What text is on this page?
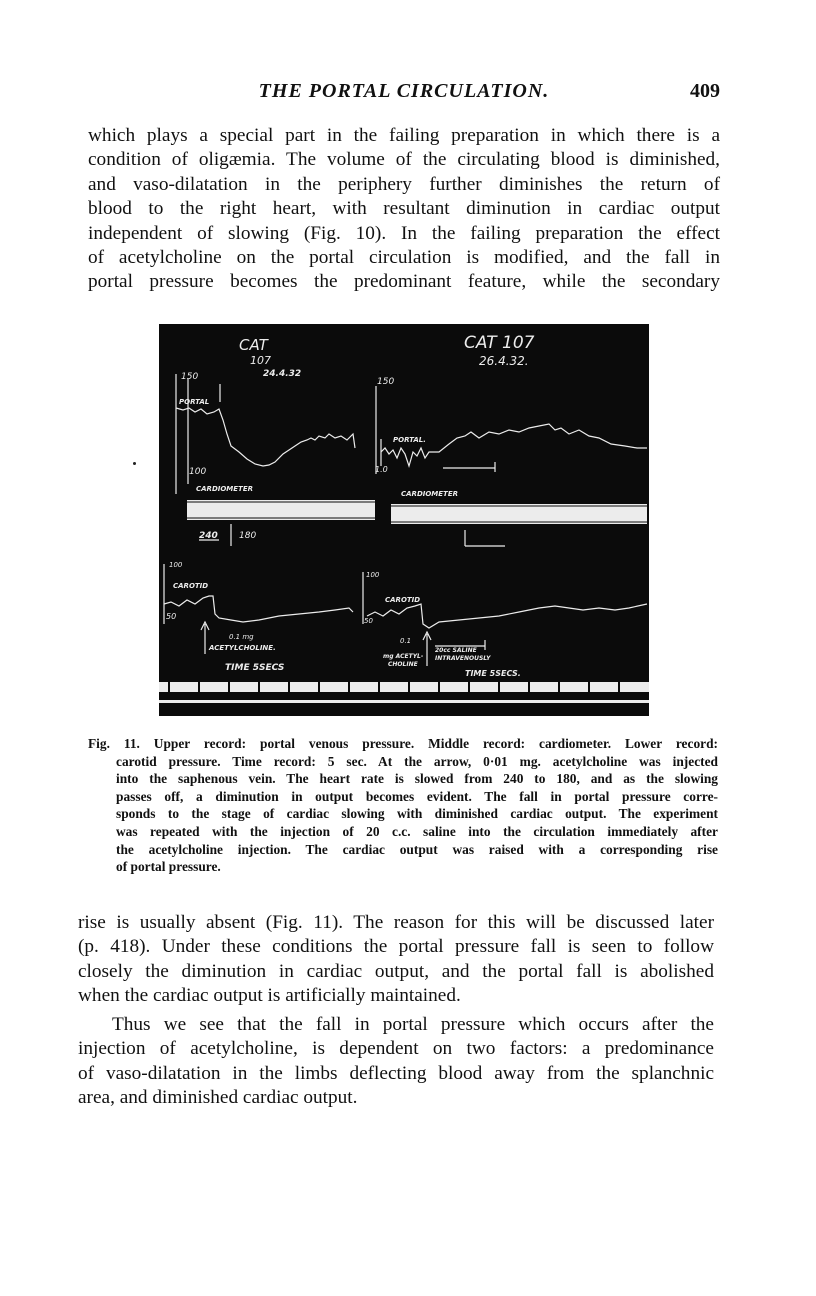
THE PORTAL CIRCULATION.	409
which plays a special part in the failing preparation in which there is a
condition of oligæmia. The volume of the circulating blood is diminished,
and vaso-dilatation in the periphery further diminishes the return of
blood to the right heart, with resultant diminution in cardiac output
independent of slowing (Fig. 10). In the failing preparation the effect
of acetylcholine on the portal circulation is modified, and the fall in
portal pressure becomes the predominant feature, while the secondary
CAT
107
24.4.32
150
PORTAL
100
CARDIOMETER
240 180
100
CAROTID
50
0.1 mg
ACETYLCHOLINE.
TIME 5SECS
CAT 107
26.4.32.
150
PORTAL.
1.0
CARDIOMETER
100
CAROTID
50
0.1
mg ACETYL-
CHOLINE
20cc SALINE
INTRAVENOUSLY
TIME 5SECS.
Fig. 11. Upper record: portal venous pressure. Middle record: cardiometer. Lower record:
carotid pressure. Time record: 5 sec. At the arrow, 0·01 mg. acetylcholine was injected
into the saphenous vein. The heart rate is slowed from 240 to 180, and as the slowing
passes off, a diminution in output becomes evident. The fall in portal pressure corre-
sponds to the stage of cardiac slowing with diminished cardiac output. The experiment
was repeated with the injection of 20 c.c. saline into the circulation immediately after
the acetylcholine injection. The cardiac output was raised with a corresponding rise
of portal pressure.
rise is usually absent (Fig. 11). The reason for this will be discussed later
(p. 418). Under these conditions the portal pressure fall is seen to follow
closely the diminution in cardiac output, and the portal fall is abolished
when the cardiac output is artificially maintained.
Thus we see that the fall in portal pressure which occurs after the
injection of acetylcholine, is dependent on two factors: a predominance
of vaso-dilatation in the limbs deflecting blood away from the splanchnic
area, and diminished cardiac output.
